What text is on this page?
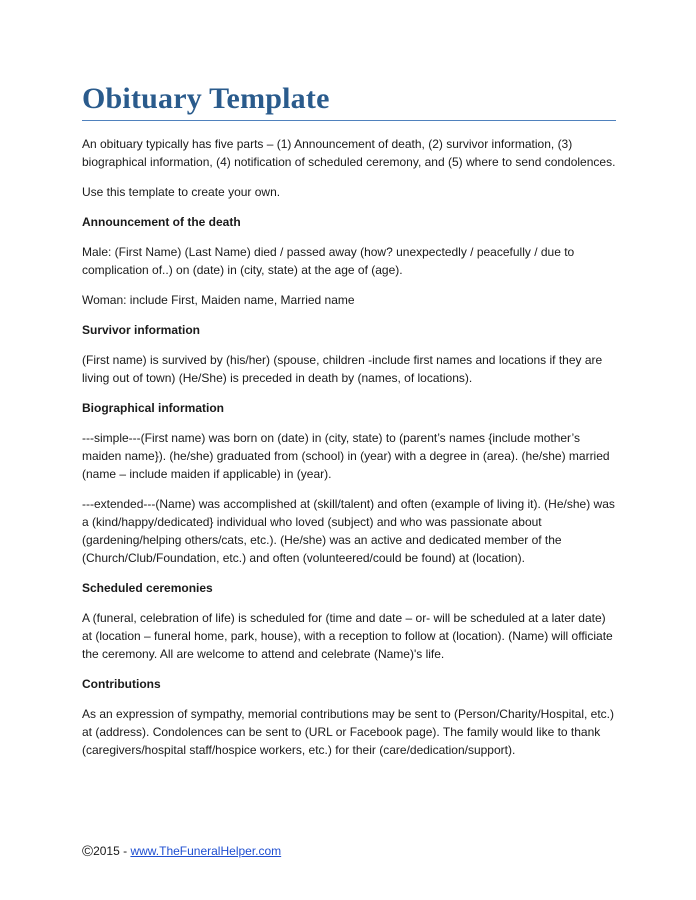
Obituary Template

An obituary typically has five parts – (1) Announcement of death, (2) survivor information, (3) biographical information, (4) notification of scheduled ceremony, and (5) where to send condolences.

Use this template to create your own.

Announcement of the death

Male: (First Name) (Last Name) died / passed away (how? unexpectedly / peacefully / due to complication of..) on (date) in (city, state) at the age of (age).

Woman: include First, Maiden name, Married name

Survivor information

(First name) is survived by (his/her) (spouse, children -include first names and locations if they are living out of town) (He/She) is preceded in death by (names, of locations).

Biographical information

---simple---(First name) was born on (date) in (city, state) to (parent’s names {include mother’s maiden name}). (he/she) graduated from (school) in (year) with a degree in (area). (he/she) married (name – include maiden if applicable) in (year).

---extended---(Name) was accomplished at (skill/talent) and often (example of living it). (He/she) was a (kind/happy/dedicated} individual who loved (subject) and who was passionate about (gardening/helping others/cats, etc.). (He/she) was an active and dedicated member of the (Church/Club/Foundation, etc.) and often (volunteered/could be found) at (location).

Scheduled ceremonies

A (funeral, celebration of life) is scheduled for (time and date – or- will be scheduled at a later date) at (location – funeral home, park, house), with a reception to follow at (location). (Name) will officiate the ceremony. All are welcome to attend and celebrate (Name)'s life.

Contributions

As an expression of sympathy, memorial contributions may be sent to (Person/Charity/Hospital, etc.) at (address). Condolences can be sent to (URL or Facebook page). The family would like to thank (caregivers/hospital staff/hospice workers, etc.) for their (care/dedication/support).

©2015 - www.TheFuneralHelper.com
